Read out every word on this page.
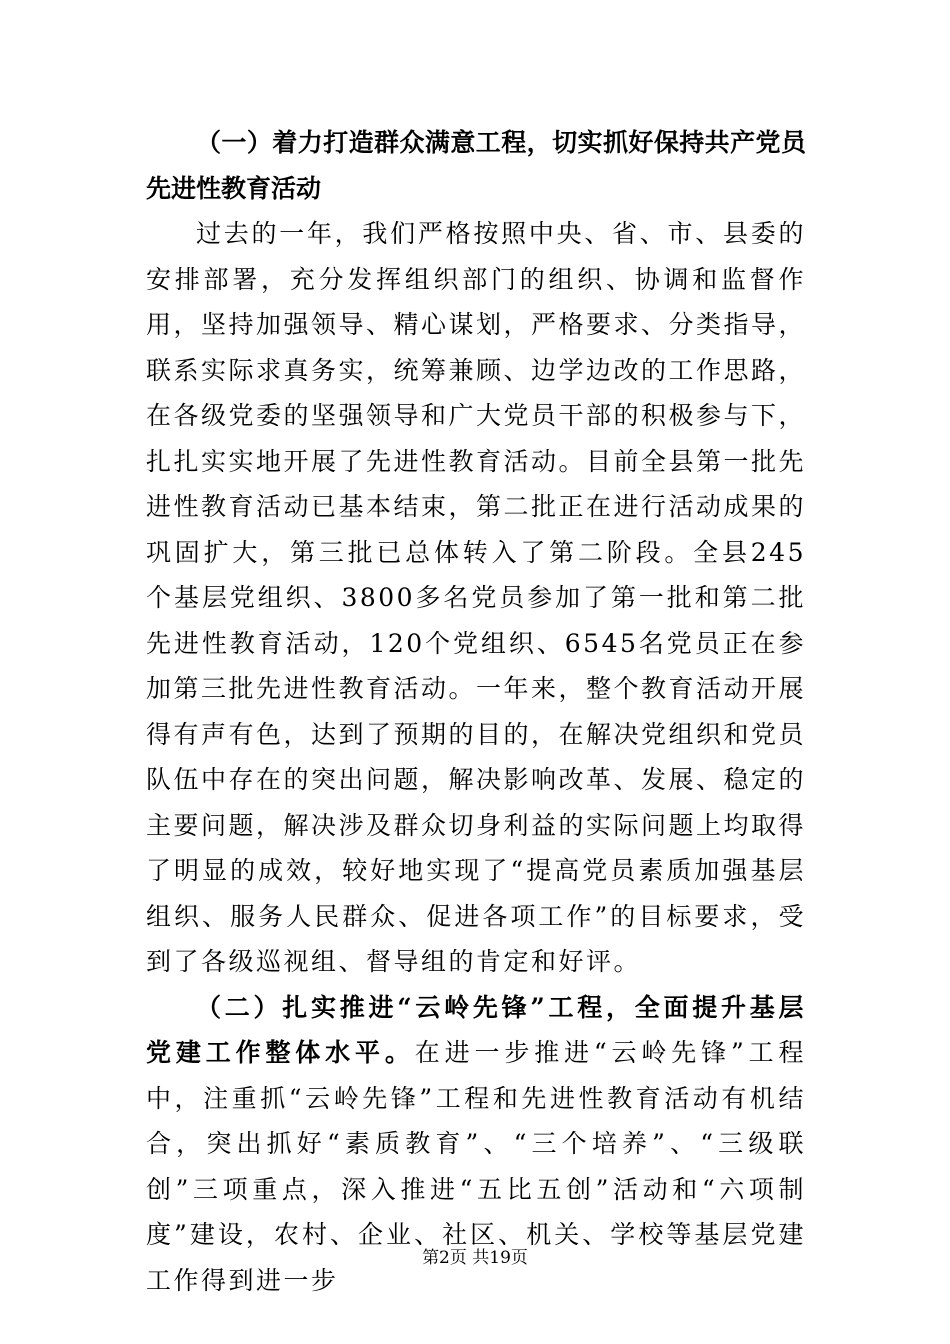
（一）着力打造群众满意工程，切实抓好保持共产党员先进性教育活动

过去的一年，我们严格按照中央、省、市、县委的安排部署，充分发挥组织部门的组织、协调和监督作用，坚持加强领导、精心谋划，严格要求、分类指导，联系实际求真务实，统筹兼顾、边学边改的工作思路，在各级党委的坚强领导和广大党员干部的积极参与下，扎扎实实地开展了先进性教育活动。目前全县第一批先进性教育活动已基本结束，第二批正在进行活动成果的巩固扩大，第三批已总体转入了第二阶段。全县245个基层党组织、3800多名党员参加了第一批和第二批先进性教育活动，120个党组织、6545名党员正在参加第三批先进性教育活动。一年来，整个教育活动开展得有声有色，达到了预期的目的，在解决党组织和党员队伍中存在的突出问题，解决影响改革、发展、稳定的主要问题，解决涉及群众切身利益的实际问题上均取得了明显的成效，较好地实现了“提高党员素质加强基层组织、服务人民群众、促进各项工作”的目标要求，受到了各级巡视组、督导组的肯定和好评。

（二）扎实推进“云岭先锋”工程，全面提升基层党建工作整体水平。在进一步推进“云岭先锋”工程中，注重抓“云岭先锋”工程和先进性教育活动有机结合，突出抓好“素质教育”、“三个培养”、“三级联创”三项重点，深入推进“五比五创”活动和“六项制度”建设，农村、企业、社区、机关、学校等基层党建工作得到进一步

第2页 共19页
